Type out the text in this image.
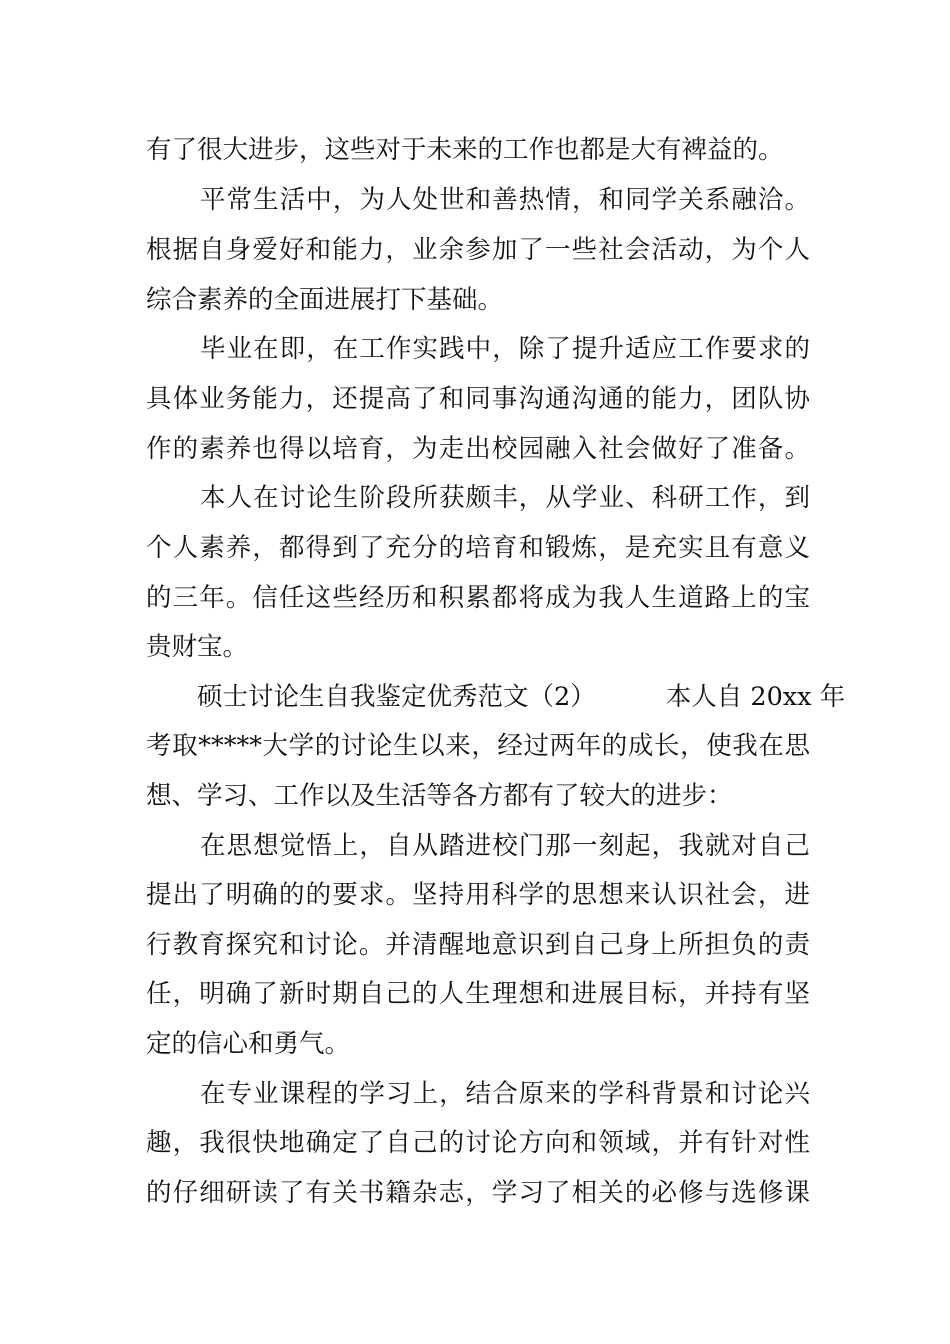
有了很大进步，这些对于未来的工作也都是大有裨益的。
平常生活中，为人处世和善热情，和同学关系融洽。
根据自身爱好和能力，业余参加了一些社会活动，为个人
综合素养的全面进展打下基础。
毕业在即，在工作实践中，除了提升适应工作要求的
具体业务能力，还提高了和同事沟通沟通的能力，团队协
作的素养也得以培育，为走出校园融入社会做好了准备。
本人在讨论生阶段所获颇丰，从学业、科研工作，到
个人素养，都得到了充分的培育和锻炼，是充实且有意义
的三年。信任这些经历和积累都将成为我人生道路上的宝
贵财宝。
硕士讨论生自我鉴定优秀范文（2）	本人自 20xx 年
考取*****大学的讨论生以来，经过两年的成长，使我在思
想、学习、工作以及生活等各方都有了较大的进步：
在思想觉悟上，自从踏进校门那一刻起，我就对自己
提出了明确的的要求。坚持用科学的思想来认识社会，进
行教育探究和讨论。并清醒地意识到自己身上所担负的责
任，明确了新时期自己的人生理想和进展目标，并持有坚
定的信心和勇气。
在专业课程的学习上，结合原来的学科背景和讨论兴
趣，我很快地确定了自己的讨论方向和领域，并有针对性
的仔细研读了有关书籍杂志，学习了相关的必修与选修课
